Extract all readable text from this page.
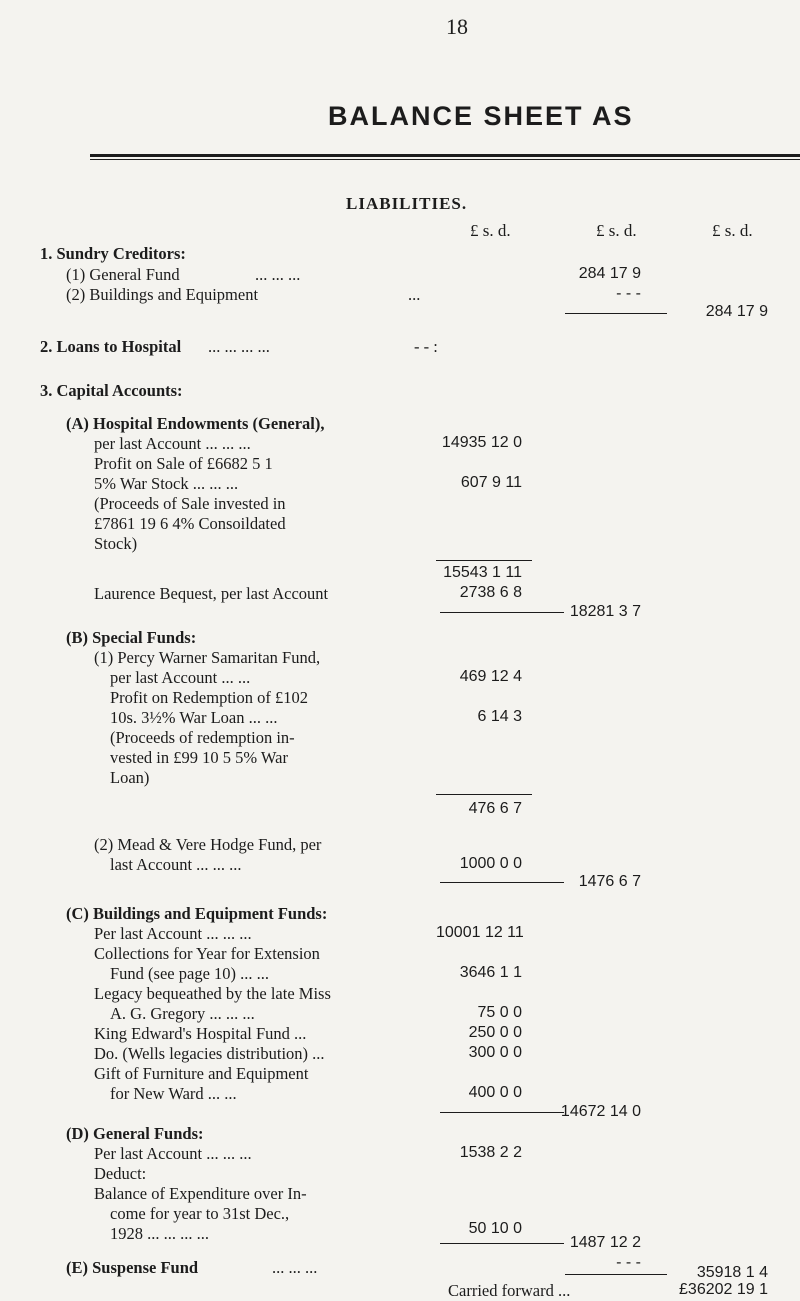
18
BALANCE SHEET AS
LIABILITIES.
£ s. d.	£ s. d.	£ s. d.
1. Sundry Creditors:
(1) General Fund	... ... ...	284 17 9
(2) Buildings and Equipment	...	- - -
284 17 9
2. Loans to Hospital ... ... ... ...	- - :
3. Capital Accounts:
(A) Hospital Endowments (General),
per last Account ... ... ...	14935 12 0
Profit on Sale of £6682 5 1
5% War Stock ... ... ...	607 9 11
(Proceeds of Sale invested in
£7861 19 6 4% Consoildated
Stock)
15543 1 11
Laurence Bequest, per last Account	2738 6 8
18281 3 7
(B) Special Funds:
(1) Percy Warner Samaritan Fund,
per last Account ... ...	469 12 4
Profit on Redemption of £102
10s. 3½% War Loan ... ...	6 14 3
(Proceeds of redemption in-
vested in £99 10 5 5% War
Loan)
476 6 7
(2) Mead & Vere Hodge Fund, per
last Account ... ... ...	1000 0 0
1476 6 7
(C) Buildings and Equipment Funds:
Per last Account ... ... ...	10001 12 11
Collections for Year for Extension
Fund (see page 10) ... ...	3646 1 1
Legacy bequeathed by the late Miss
A. G. Gregory ... ... ...	75 0 0
King Edward's Hospital Fund ...	250 0 0
Do. (Wells legacies distribution) ...	300 0 0
Gift of Furniture and Equipment
for New Ward ... ...	400 0 0
14672 14 0
(D) General Funds:
Per last Account ... ... ...	1538 2 2
Deduct:
Balance of Expenditure over In-
come for year to 31st Dec.,
1928 ... ... ... ...	50 10 0
1487 12 2
(E) Suspense Fund	... ... ...	- - -
35918 1 4
Carried forward ...	£36202 19 1
